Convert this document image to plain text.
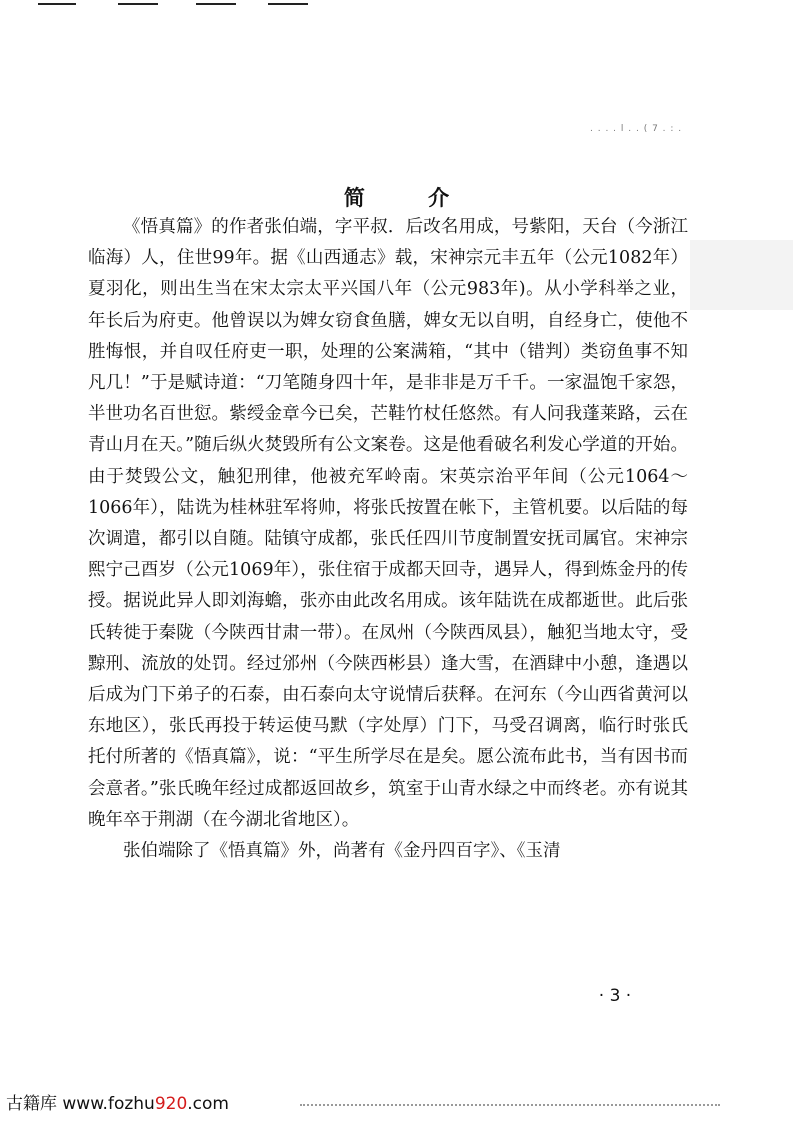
. . . . l . . ( 7 . : .
简 介

《悟真篇》的作者张伯端，字平叔．后改名用成，号紫阳，天台（今浙江临海）人，住世99年。据《山西通志》载，宋神宗元丰五年（公元1082年）夏羽化，则出生当在宋太宗太平兴国八年（公元983年)。从小学科举之业，年长后为府吏。他曾误以为婢女窃食鱼膳，婢女无以自明，自经身亡，使他不胜悔恨，并自叹任府吏一职，处理的公案满箱，“其中（错判）类窃鱼事不知凡几！”于是赋诗道：“刀笔随身四十年，是非非是万千千。一家温饱千家怨，半世功名百世愆。紫绶金章今已矣，芒鞋竹杖任悠然。有人问我蓬莱路，云在青山月在天。”随后纵火焚毁所有公文案卷。这是他看破名利发心学道的开始。由于焚毁公文，触犯刑律，他被充军岭南。宋英宗治平年间（公元1064～1066年），陆诜为桂林驻军将帅，将张氏按置在帐下，主管机要。以后陆的每次调遣，都引以自随。陆镇守成都，张氏任四川节度制置安抚司属官。宋神宗熙宁己酉岁（公元1069年），张住宿于成都天回寺，遇异人，得到炼金丹的传授。据说此异人即刘海蟾，张亦由此改名用成。该年陆诜在成都逝世。此后张氏转徙于秦陇（今陕西甘肃一带）。在凤州（今陕西凤县），触犯当地太守，受黥刑、流放的处罚。经过邠州（今陕西彬县）逢大雪，在酒肆中小憩，逢遇以后成为门下弟子的石泰，由石泰向太守说情后获释。在河东（今山西省黄河以东地区），张氏再投于转运使马默（字处厚）门下，马受召调离，临行时张氏托付所著的《悟真篇》，说：“平生所学尽在是矣。愿公流布此书，当有因书而会意者。”张氏晚年经过成都返回故乡，筑室于山青水绿之中而终老。亦有说其晚年卒于荆湖（在今湖北省地区）。

张伯端除了《悟真篇》外，尚著有《金丹四百字》、《玉清

· 3 ·
古籍库 www.fozhu920.com
